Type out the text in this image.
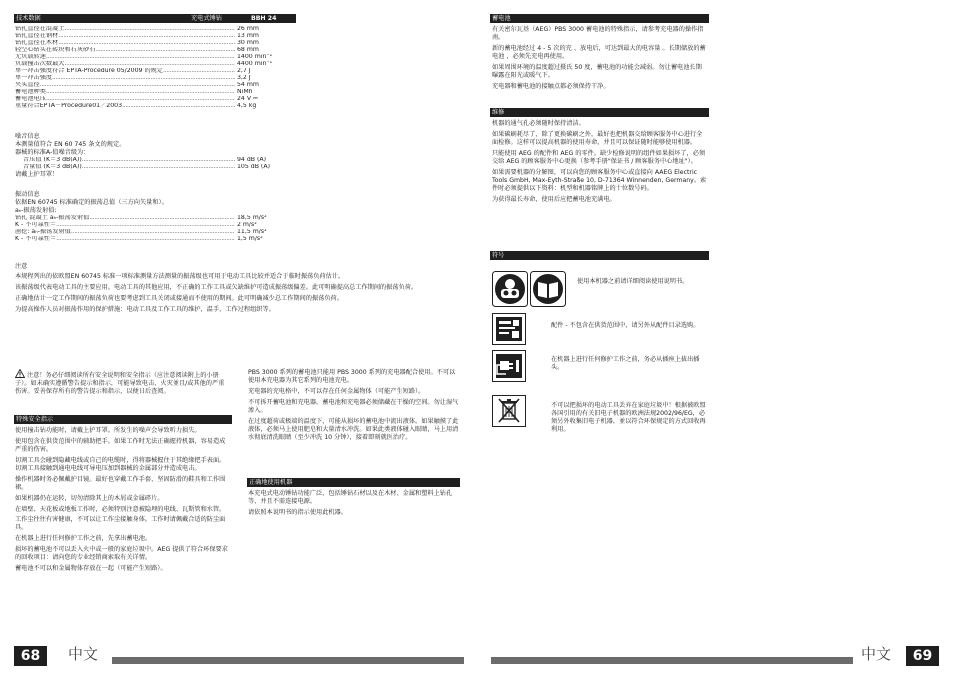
技术数据	充电式锤钻	BBH 24
钻孔直径在混凝土 .....	26 mm
钻孔直径在钢材 .....	13 mm
钻孔直径在木材 .....	30 mm
轻空心钻头在砖块和石灰砂石 .....	68 mm
无负载转速 .....	1400 min⁻¹
负载撞击次数最大 .....	4400 min⁻¹
单一冲击强度符合 EPTA-Procedure 05/2009 的规定 .....	2,7 J
单一冲击强度 .....	3,2 J
夹头直径 .....	54 mm
蓄电池种类 .....	NiMh
蓄电池电压 .....	24 V ⎓
重量符合EPTA－Procedure01／2003 .....	4,5 kg
噪音信息
本测量值符合 EN 60 745 条文的规定。
器械的标准A-值噪音级为：
音压值 (K＝3 dB(A)) .....	94 dB (A)
音量值 (K＝3 dB(A)) .....	105 dB (A)
请戴上护耳罩！
振动信息
依据EN 60745 标准确定的振荡总值（三方向矢量和）。
aₕ-振荡发射值:
钻孔 混凝土 aₕ-振荡发射值 .....	18,5 m/s²
K - 不可靠性＝ .....	2 m/s²
凿挖: aₕ-振荡发射值 .....	11,5 m/s²
K - 不可靠性＝ .....	1,5 m/s²

注意

本规程列出的依欧盟EN 60745 标准一项标准测量方法测量的振荡级也可用于电动工具比较并适合于临时振荡负荷估计。

该振荡级代表电动工具的主要应用。电动工具的其他应用，不正确的工作工具或欠缺维护可造成振荡级偏差。此可明确提高总工作期间的振荡负荷。

正确地估计一定工作期间的振荡负荷也要考虑到工具关闭或接通而不使用的期间。此可明确减少总工作期间的振荡负荷。

为提高操作人员对振荡作用的保护措施：电动工具及工作工具的维护，温手，工作过程组织等。

注意！务必仔细阅读所有安全说明和安全指示（应注意阅读附上的小册子）。如未确实遵循警告提示和指示，可能导致电击、火灾並且/或其他的严重伤害。妥善保存所有的警告提示和指示，以便日后查阅。
特殊安全指示

使用撞击钻功能时，请戴上护耳罩。所发生的噪声会导致听力损失。

使用包含在供货范围中的辅助把手。如果工作时无法正确握持机器，容易造成严重的伤害。

切割工具会碰到隐藏电线或自己的电缆时，得将器械握住于其绝缘把手表面。

切割工具接触到通电电线可导电压加到器械的金属部分并造成电击。

操作机器时务必佩戴护目镜。最好也穿戴工作手套、坚固防滑的鞋具和工作围裙。

如果机器仍在运转，切勿清除其上的木屑或金属碎片。

在墙壁、天花板或地板工作时，必须特别注意被隐埋的电线、瓦斯管和水管。

工作尘往往有害健康，不可以让工作尘接触身体。工作时请佩戴合适的防尘面具。

在机器上进行任何修护工作之前，先拿出蓄电池。

损坏的蓄电池不可以丢入火中或一般的家庭垃圾中。AEG 提供了符合环保要求的回收项目：请向您的专业经销商索取有关详情。

蓄电池不可以和金属物体存放在一起（可能产生短路）。

PBS 3000 系列的蓄电池只能用 PBS 3000 系列的充电器配合使用。不可以使用本充电器为其它系列的电池充电。

充电器的充电格中，不可以存在任何金属物体（可能产生短路）。

不可拆开蓄电池和充电器。蓄电池和充电器必须储藏在干燥的空间。勿让湿气渗入。

在过度超荷或极端的温度下，可能从损坏的蓄电池中流出液体。如果触摸了此液体，必须马上使用肥皂和大量清水冲洗。如果此类液体碰入眼睛，马上用清水彻底清洗眼睛（至少冲洗 10 分钟），接着即刻就医治疗。

正确地使用机器

本充电式电动锤钻功能广泛，包括锤钻石材以及在木材、金属和塑料上钻孔等，并且不需连接电源。

请依照本说明书的指示使用此机器。

68	中文
蓄电池

有关密尔瓦基（AEG）PBS 3000 蓄电池的特殊指示，请参考充电器的操作指南。

新的蓄电池经过 4 - 5 次的充 、放电后，可达到最大的电容量 。长期储放的蓄电池 ，必须先充电再使用。

如果周围环境的温度超过摄氏 50 度，蓄电池的功能会减弱。勿让蓄电池长期曝露在阳光或暖气下。

充电器和蓄电池的接触点都必须保持干净。

维修

机器的通气孔必须随时保持清洁。

如果碳刷耗尽了，除了更换碳刷之外，最好也把机器交给顾客服务中心进行全面检修。这样可以提高机器的使用寿命，并且可以保证随时能够使用机器。

只能使用 AEG 的配件和 AEG 的零件。缺少检修说明的组件如果损坏了，必须交给 AEG 的顾客服务中心更换（参考手册"保证书 / 顾客服务中心地址"）。

如果需要机器的分解图，可以向您的顾客服务中心或直接向 AAEG Electric Tools GmbH, Max-Eyth-Straße 10, D-71364 Winnenden, Germany。索件时必须提供以下资料：机型和机器铭牌上的十位数号码。

为获得最长寿命，使用后应把蓄电池充满电。

符号
使用本机器之前请详细阅读使用说明书。
配件 - 不包含在供货范围中，请另外从配件目录选购。
在机器上进行任何修护工作之前，务必从插座上拔出插头。
不可以把损坏的电动工具丢弃在家庭垃圾中！根据被欧盟各国引用的有关旧电子机器的欧洲法规2002/96/EG，必须另外收集旧电子机器，並以符合环保规定的方式回收再利用。
中文	69
